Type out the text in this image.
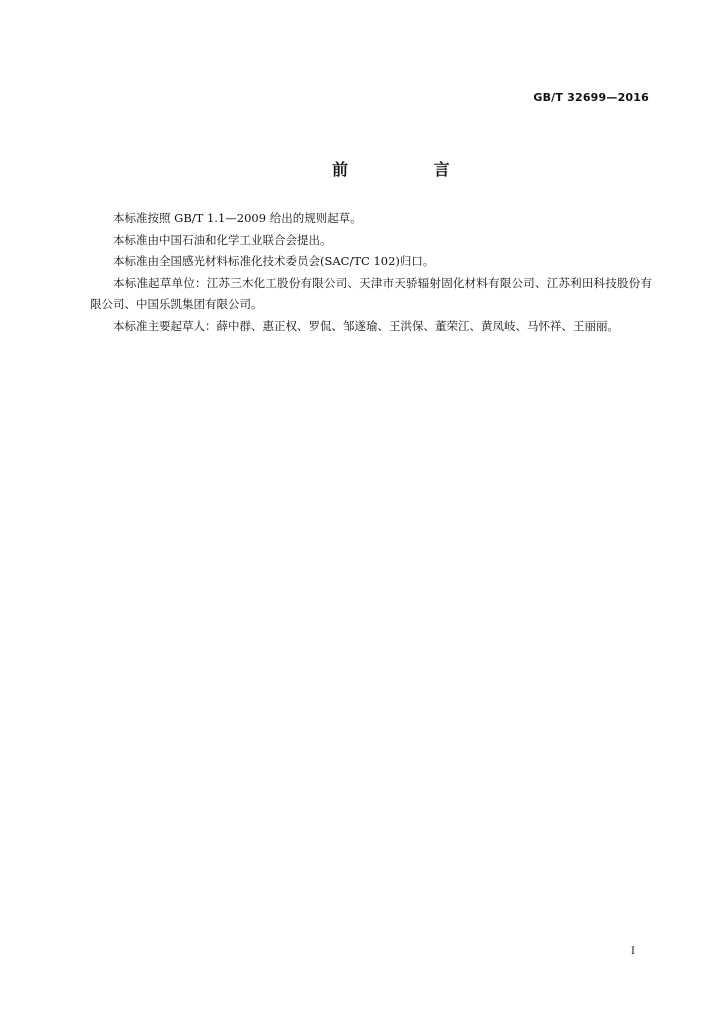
GB/T 32699—2016
前 言

本标准按照 GB/T 1.1—2009 给出的规则起草。

本标准由中国石油和化学工业联合会提出。

本标准由全国感光材料标准化技术委员会(SAC/TC 102)归口。

本标准起草单位：江苏三木化工股份有限公司、天津市天骄辐射固化材料有限公司、江苏利田科技股份有限公司、中国乐凯集团有限公司。

本标准主要起草人：薛中群、惠正权、罗侃、邹遂瑜、王洪保、董荣江、黄凤岐、马怀祥、王丽丽。

I
